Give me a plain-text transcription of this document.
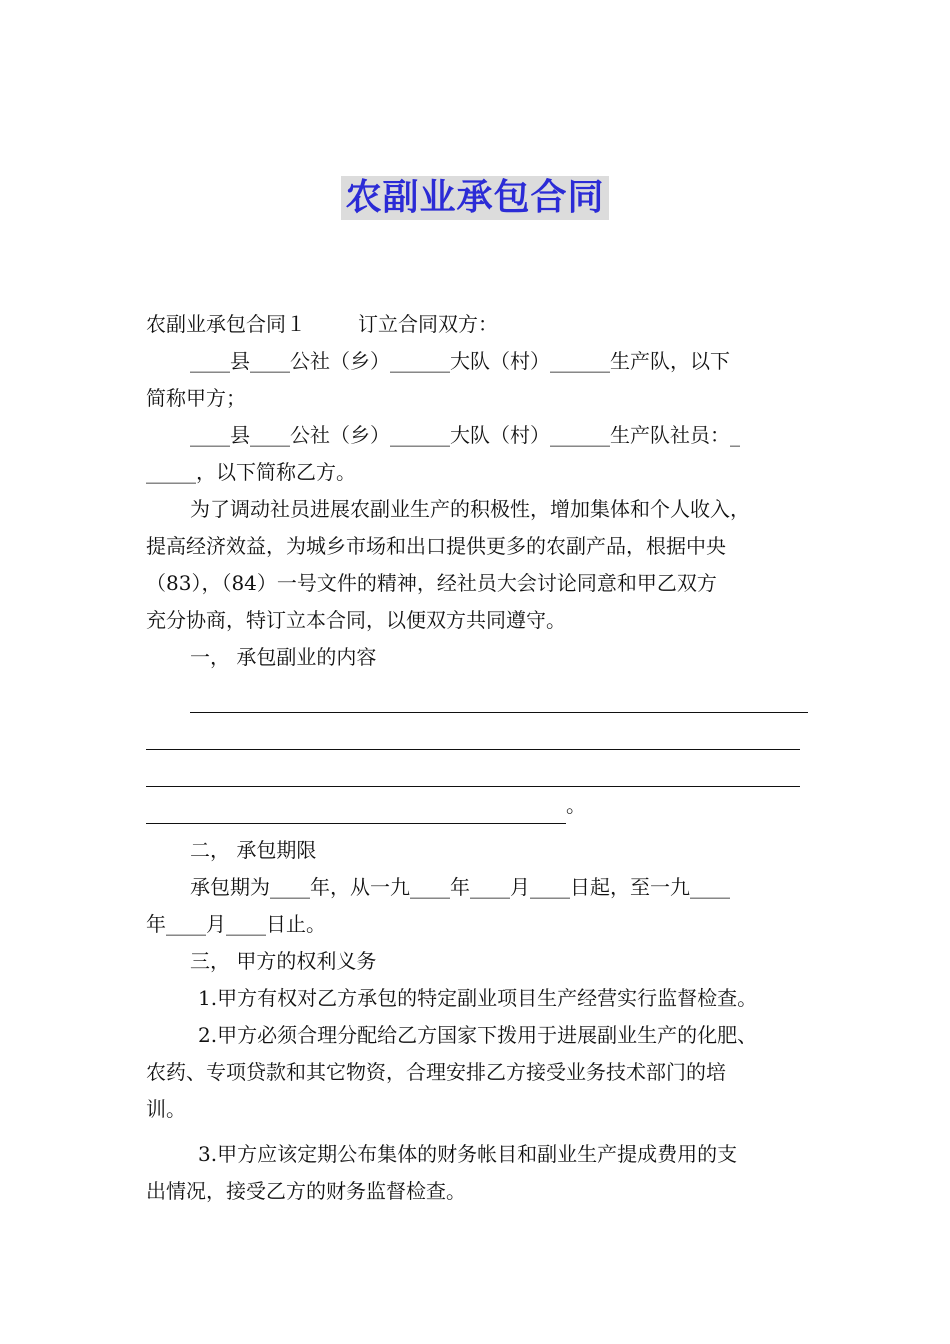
农副业承包合同
农副业承包合同１	订立合同双方：
____县____公社（乡）______大队（村）______生产队，以下
简称甲方；
____县____公社（乡）______大队（村）______生产队社员：_
_____，以下简称乙方。
为了调动社员进展农副业生产的积极性，增加集体和个人收入，
提高经济效益，为城乡市场和出口提供更多的农副产品，根据中央
（83），（84）一号文件的精神，经社员大会讨论同意和甲乙双方
充分协商，特订立本合同，以便双方共同遵守。
一， 承包副业的内容
。
二， 承包期限
承包期为____年，从一九____年____月____日起，至一九____
年____月____日止。
三， 甲方的权利义务
1.甲方有权对乙方承包的特定副业项目生产经营实行监督检查。
2.甲方必须合理分配给乙方国家下拨用于进展副业生产的化肥、
农药、专项贷款和其它物资，合理安排乙方接受业务技术部门的培
训。
3.甲方应该定期公布集体的财务帐目和副业生产提成费用的支
出情况，接受乙方的财务监督检查。
